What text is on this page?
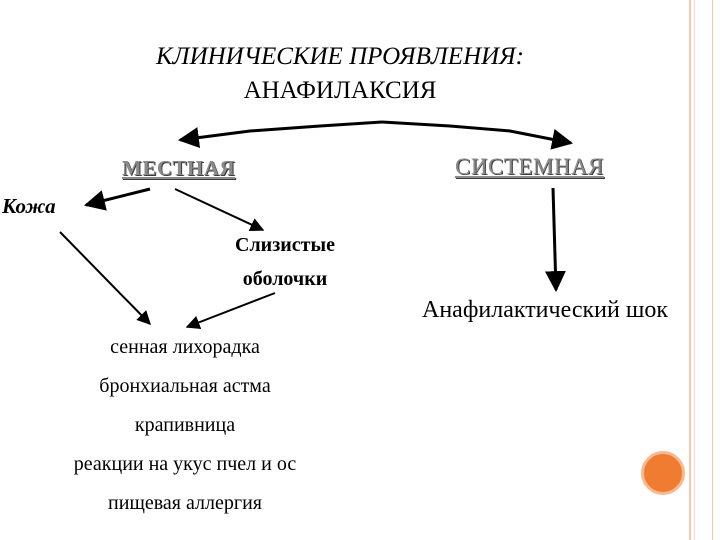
КЛИНИЧЕСКИЕ ПРОЯВЛЕНИЯ:
АНАФИЛАКСИЯ
МЕСТНАЯ	СИСТЕМНАЯ
Кожа
Слизистые оболочки
Анафилактический шок
сенная лихорадка
бронхиальная астма
крапивница
реакции на укус пчел и ос
пищевая аллергия
